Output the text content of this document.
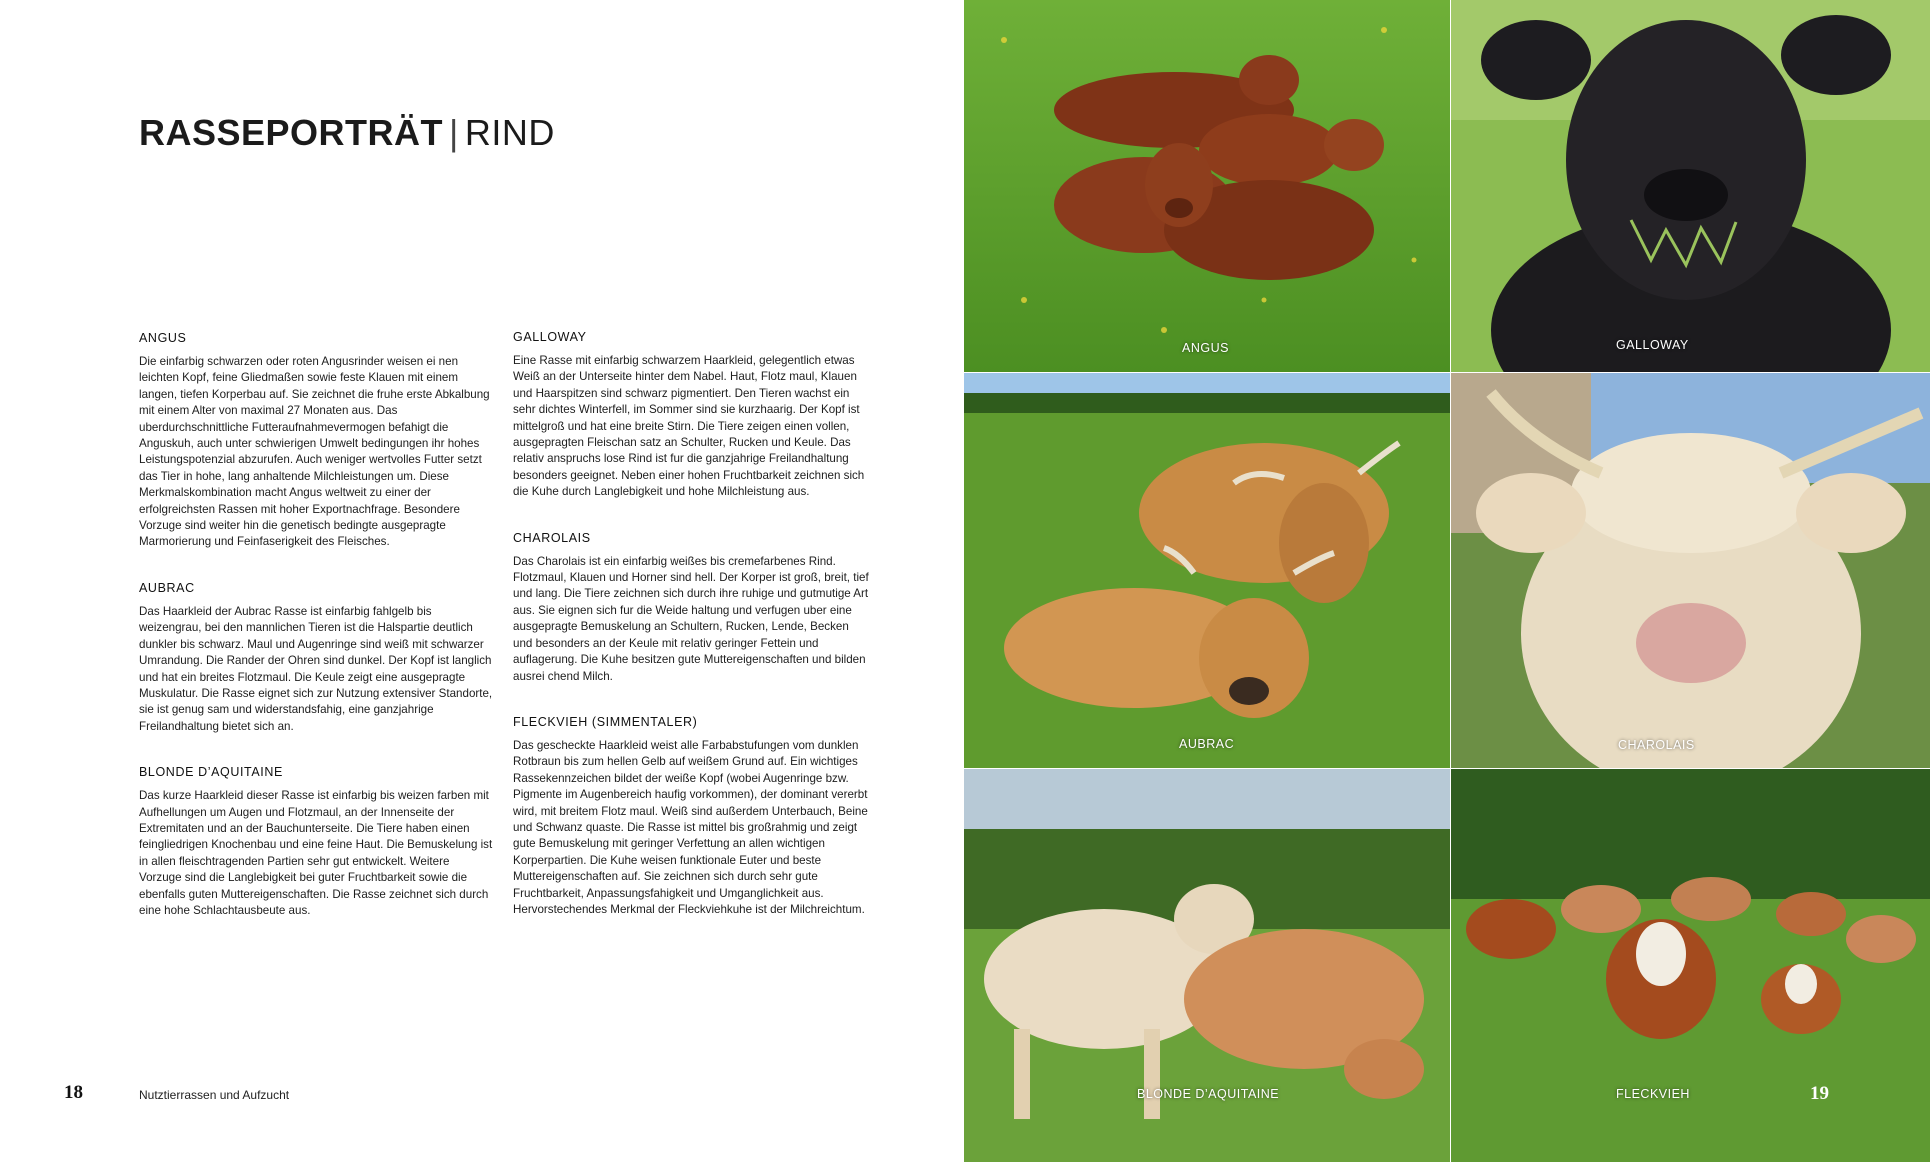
RASSEPORTRÄT | RIND
ANGUS

Die einfarbig schwarzen oder roten Angusrinder weisen ei nen leichten Kopf, feine Gliedmaßen sowie feste Klauen mit einem langen, tiefen Korperbau auf. Sie zeichnet die fruhe erste Abkalbung mit einem Alter von maximal 27 Monaten aus. Das uberdurchschnittliche Futteraufnahmevermogen befahigt die Anguskuh, auch unter schwierigen Umwelt bedingungen ihr hohes Leistungspotenzial abzurufen. Auch weniger wertvolles Futter setzt das Tier in hohe, lang anhaltende Milchleistungen um. Diese Merkmalskombination macht Angus weltweit zu einer der erfolgreichsten Rassen mit hoher Exportnachfrage. Besondere Vorzuge sind weiter hin die genetisch bedingte ausgepragte Marmorierung und Feinfaserigkeit des Fleisches.

AUBRAC

Das Haarkleid der Aubrac Rasse ist einfarbig fahlgelb bis weizengrau, bei den mannlichen Tieren ist die Halspartie deutlich dunkler bis schwarz. Maul und Augenringe sind weiß mit schwarzer Umrandung. Die Rander der Ohren sind dunkel. Der Kopf ist langlich und hat ein breites Flotzmaul. Die Keule zeigt eine ausgepragte Muskulatur. Die Rasse eignet sich zur Nutzung extensiver Standorte, sie ist genug sam und widerstandsfahig, eine ganzjahrige Freilandhaltung bietet sich an.

BLONDE D’AQUITAINE

Das kurze Haarkleid dieser Rasse ist einfarbig bis weizen farben mit Aufhellungen um Augen und Flotzmaul, an der Innenseite der Extremitaten und an der Bauchunterseite. Die Tiere haben einen feingliedrigen Knochenbau und eine feine Haut. Die Bemuskelung ist in allen fleischtragenden Partien sehr gut entwickelt. Weitere Vorzuge sind die Langlebigkeit bei guter Fruchtbarkeit sowie die ebenfalls guten Muttereigenschaften. Die Rasse zeichnet sich durch eine hohe Schlachtausbeute aus.

GALLOWAY

Eine Rasse mit einfarbig schwarzem Haarkleid, gelegentlich etwas Weiß an der Unterseite hinter dem Nabel. Haut, Flotz maul, Klauen und Haarspitzen sind schwarz pigmentiert. Den Tieren wachst ein sehr dichtes Winterfell, im Sommer sind sie kurzhaarig. Der Kopf ist mittelgroß und hat eine breite Stirn. Die Tiere zeigen einen vollen, ausgepragten Fleischan satz an Schulter, Rucken und Keule. Das relativ anspruchs lose Rind ist fur die ganzjahrige Freilandhaltung besonders geeignet. Neben einer hohen Fruchtbarkeit zeichnen sich die Kuhe durch Langlebigkeit und hohe Milchleistung aus.

CHAROLAIS

Das Charolais ist ein einfarbig weißes bis cremefarbenes Rind. Flotzmaul, Klauen und Horner sind hell. Der Korper ist groß, breit, tief und lang. Die Tiere zeichnen sich durch ihre ruhige und gutmutige Art aus. Sie eignen sich fur die Weide haltung und verfugen uber eine ausgepragte Bemuskelung an Schultern, Rucken, Lende, Becken und besonders an der Keule mit relativ geringer Fettein und auflagerung. Die Kuhe besitzen gute Muttereigenschaften und bilden ausrei chend Milch.

FLECKVIEH (SIMMENTALER)

Das gescheckte Haarkleid weist alle Farbabstufungen vom dunklen Rotbraun bis zum hellen Gelb auf weißem Grund auf. Ein wichtiges Rassekennzeichen bildet der weiße Kopf (wobei Augenringe bzw. Pigmente im Augenbereich haufig vorkommen), der dominant vererbt wird, mit breitem Flotz maul. Weiß sind außerdem Unterbauch, Beine und Schwanz quaste. Die Rasse ist mittel bis großrahmig und zeigt gute Bemuskelung mit geringer Verfettung an allen wichtigen Korperpartien. Die Kuhe weisen funktionale Euter und beste Muttereigenschaften auf. Sie zeichnen sich durch sehr gute Fruchtbarkeit, Anpassungsfahigkeit und Umganglichkeit aus. Hervorstechendes Merkmal der Fleckviehkuhe ist der Milchreichtum.

18	Nutztierrassen und Aufzucht
ANGUS	GALLOWAY
AUBRAC	CHAROLAIS
BLONDE D’AQUITAINE	FLECKVIEH	19
